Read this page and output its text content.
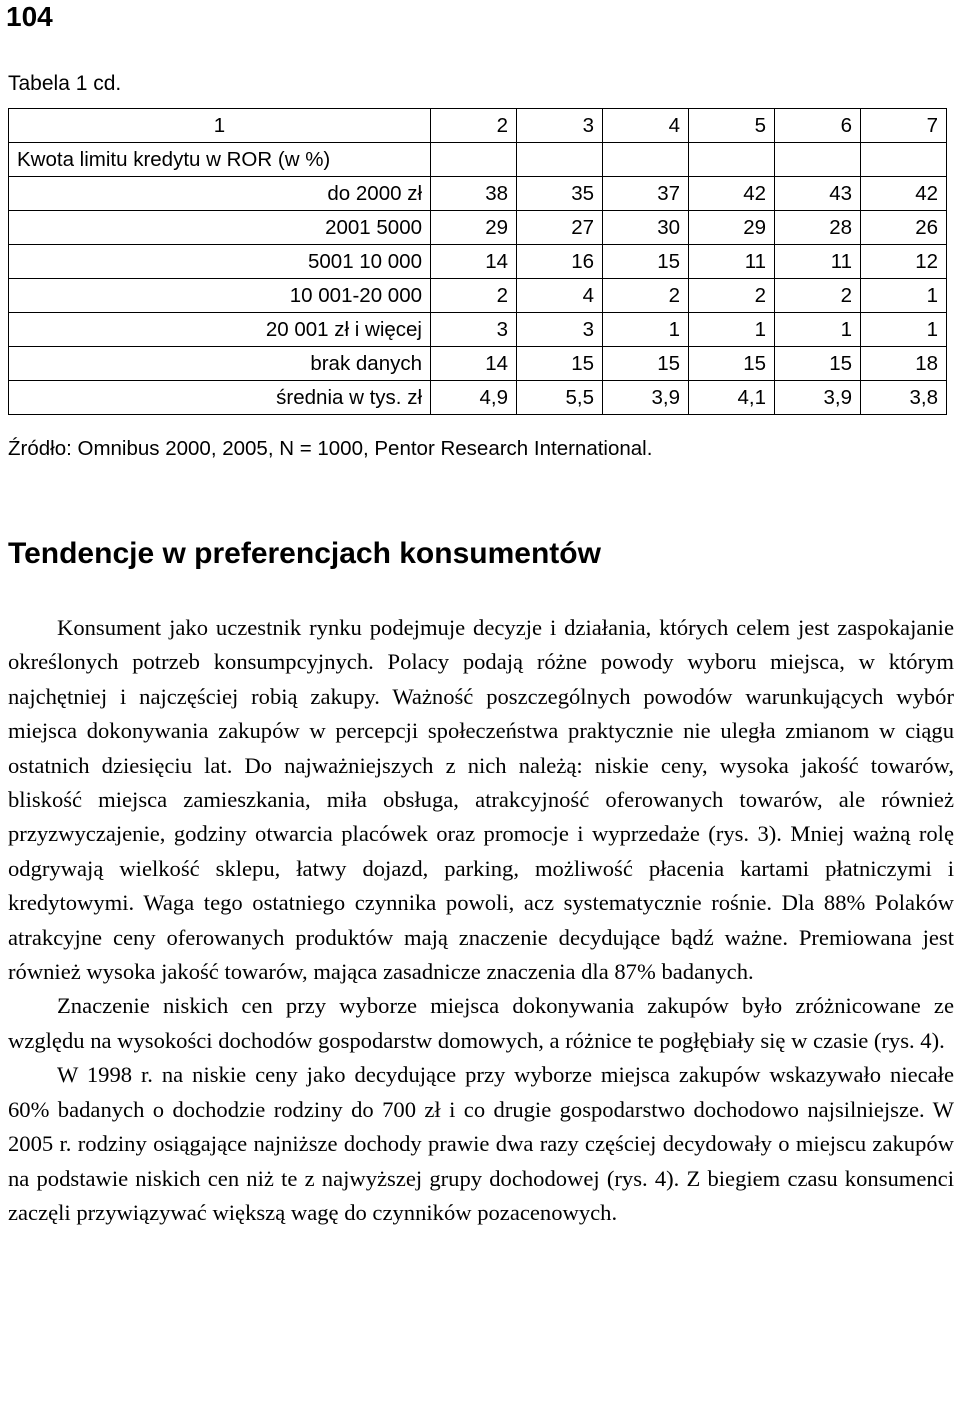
104
Tabela 1 cd.
1	2	3	4	5	6	7
Kwota limitu kredytu w ROR (w %)						
do 2000 zł	38	35	37	42	43	42
2001 5000	29	27	30	29	28	26
5001 10 000	14	16	15	11	11	12
10 001-20 000	2	4	2	2	2	1
20 001 zł i więcej	3	3	1	1	1	1
brak danych	14	15	15	15	15	18
średnia w tys. zł	4,9	5,5	3,9	4,1	3,9	3,8
Źródło: Omnibus 2000, 2005, N = 1000, Pentor Research International.
Tendencje w preferencjach konsumentów

Konsument jako uczestnik rynku podejmuje decyzje i działania, których celem jest zaspokajanie określonych potrzeb konsumpcyjnych. Polacy podają różne powody wyboru miejsca, w którym najchętniej i najczęściej robią zakupy. Ważność poszczególnych powodów warunkujących wybór miejsca dokonywania zakupów w percepcji społeczeństwa praktycznie nie uległa zmianom w ciągu ostatnich dziesięciu lat. Do najważniejszych z nich należą: niskie ceny, wysoka jakość towarów, bliskość miejsca zamieszkania, miła obsługa, atrakcyjność oferowanych towarów, ale również przyzwyczajenie, godziny otwarcia placówek oraz promocje i wyprzedaże (rys. 3). Mniej ważną rolę odgrywają wielkość sklepu, łatwy dojazd, parking, możliwość płacenia kartami płatniczymi i kredytowymi. Waga tego ostatniego czynnika powoli, acz systematycznie rośnie. Dla 88% Polaków atrakcyjne ceny oferowanych produktów mają znaczenie decydujące bądź ważne. Premiowana jest również wysoka jakość towarów, mająca zasadnicze znaczenia dla 87% badanych.

Znaczenie niskich cen przy wyborze miejsca dokonywania zakupów było zróżnicowane ze względu na wysokości dochodów gospodarstw domowych, a różnice te pogłębiały się w czasie (rys. 4).

W 1998 r. na niskie ceny jako decydujące przy wyborze miejsca zakupów wskazywało niecałe 60% badanych o dochodzie rodziny do 700 zł i co drugie gospodarstwo dochodowo najsilniejsze. W 2005 r. rodziny osiągające najniższe dochody prawie dwa razy częściej decydowały o miejscu zakupów na podstawie niskich cen niż te z najwyższej grupy dochodowej (rys. 4). Z biegiem czasu konsumenci zaczęli przywiązywać większą wagę do czynników pozacenowych.
